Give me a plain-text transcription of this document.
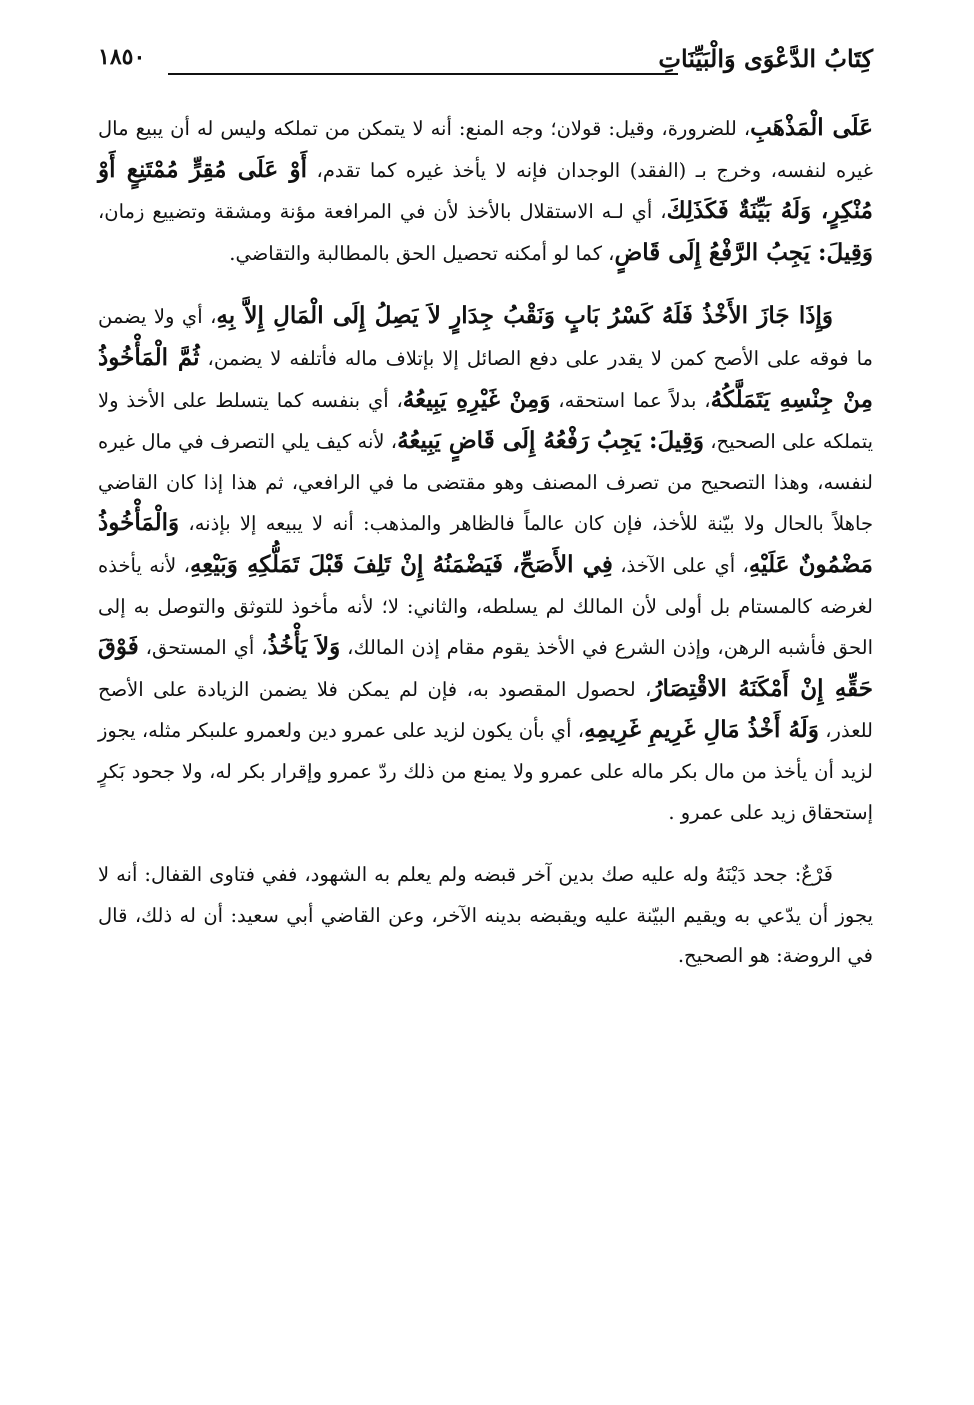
كِتَابُ الدَّعْوَى وَالْبَيِّنَاتِ
١٨٥٠

عَلَى الْمَذْهَبِ، للضرورة، وقيل: قولان؛ وجه المنع: أنه لا يتمكن من تملكه وليس له أن يبيع مال غيره لنفسه، وخرج بـ (الفقد) الوجدان فإنه لا يأخذ غيره كما تقدم، أَوْ عَلَى مُقِرٍّ مُمْتَنِعٍ أَوْ مُنْكِرٍ، وَلَهُ بَيِّنَةٌ فَكَذَلِكَ، أي لـه الاستقلال بالأخذ لأن في المرافعة مؤنة ومشقة وتضييع زمان، وَقِيلَ: يَجِبُ الرَّفْعُ إِلَى قَاضٍ، كما لو أمكنه تحصيل الحق بالمطالبة والتقاضي.

وَإِذَا جَازَ الأَخْذُ فَلَهُ كَسْرُ بَابٍ وَنَقْبُ جِدَارٍ لاَ يَصِلُ إِلَى الْمَالِ إِلاَّ بِهِ، أي ولا يضمن ما فوقه على الأصح كمن لا يقدر على دفع الصائل إلا بإتلاف ماله فأتلفه لا يضمن، ثُمَّ الْمَأْخُوذُ مِنْ جِنْسِهِ يَتَمَلَّكُهُ، بدلاً عما استحقه، وَمِنْ غَيْرِهِ يَبِيعُهُ، أي بنفسه كما يتسلط على الأخذ ولا يتملكه على الصحيح، وَقِيلَ: يَجِبُ رَفْعُهُ إِلَى قَاضٍ يَبِيعُهُ، لأنه كيف يلي التصرف في مال غيره لنفسه، وهذا التصحيح من تصرف المصنف وهو مقتضى ما في الرافعي، ثم هذا إذا كان القاضي جاهلاً بالحال ولا بيّنة للأخذ، فإن كان عالماً فالظاهر والمذهب: أنه لا يبيعه إلا بإذنه، وَالْمَأْخُوذُ مَضْمُونٌ عَلَيْهِ، أي على الآخذ، فِي الأَصَحِّ، فَيَضْمَنُهُ إِنْ تَلِفَ قَبْلَ تَمَلُّكِهِ وَبَيْعِهِ، لأنه يأخذه لغرضه كالمستام بل أولى لأن المالك لم يسلطه، والثاني: لا؛ لأنه مأخوذ للتوثق والتوصل به إلى الحق فأشبه الرهن، وإذن الشرع في الأخذ يقوم مقام إذن المالك، وَلاَ يَأْخُذُ، أي المستحق، فَوْقَ حَقِّهِ إِنْ أَمْكَنَهُ الاقْتِصَارُ، لحصول المقصود به، فإن لم يمكن فلا يضمن الزيادة على الأصح للعذر، وَلَهُ أَخْذُ مَالِ غَرِيمِ غَرِيمِهِ، أي بأن يكون لزيد على عمرو دين ولعمرو علىبكر مثله، يجوز لزيد أن يأخذ من مال بكر ماله على عمرو ولا يمنع من ذلك ردّ عمرو وإقرار بكر له، ولا جحود بَكرٍ إستحقاق زيد على عمرو .

فَرْعٌ: جحد دَيْنَهُ وله عليه صك بدين آخر قبضه ولم يعلم به الشهود، ففي فتاوى القفال: أنه لا يجوز أن يدّعي به ويقيم البيّنة عليه ويقبضه بدينه الآخر، وعن القاضي أبي سعيد: أن له ذلك، قال في الروضة: هو الصحيح.
